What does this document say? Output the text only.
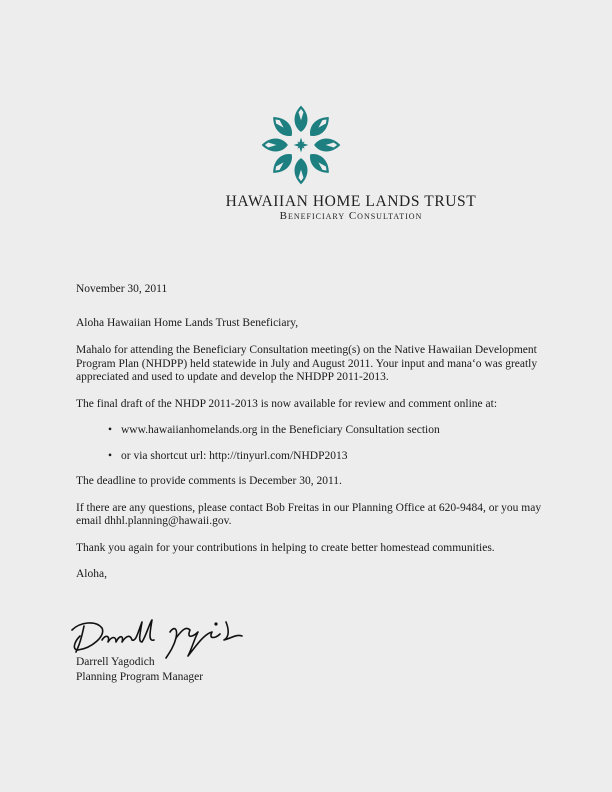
HAWAIIAN HOME LANDS TRUST
Beneficiary Consultation

November 30, 2011

Aloha Hawaiian Home Lands Trust Beneficiary,

Mahalo for attending the Beneficiary Consultation meeting(s) on the Native Hawaiian Development Program Plan (NHDPP) held statewide in July and August 2011. Your input and mana‘o was greatly appreciated and used to update and develop the NHDPP 2011-2013.

The final draft of the NHDP 2011-2013 is now available for review and comment online at:

• www.hawaiianhomelands.org in the Beneficiary Consultation section
• or via shortcut url: http://tinyurl.com/NHDP2013

The deadline to provide comments is December 30, 2011.

If there are any questions, please contact Bob Freitas in our Planning Office at 620-9484, or you may email dhhl.planning@hawaii.gov.

Thank you again for your contributions in helping to create better homestead communities.

Aloha,

Darrell Yagodich
Planning Program Manager
